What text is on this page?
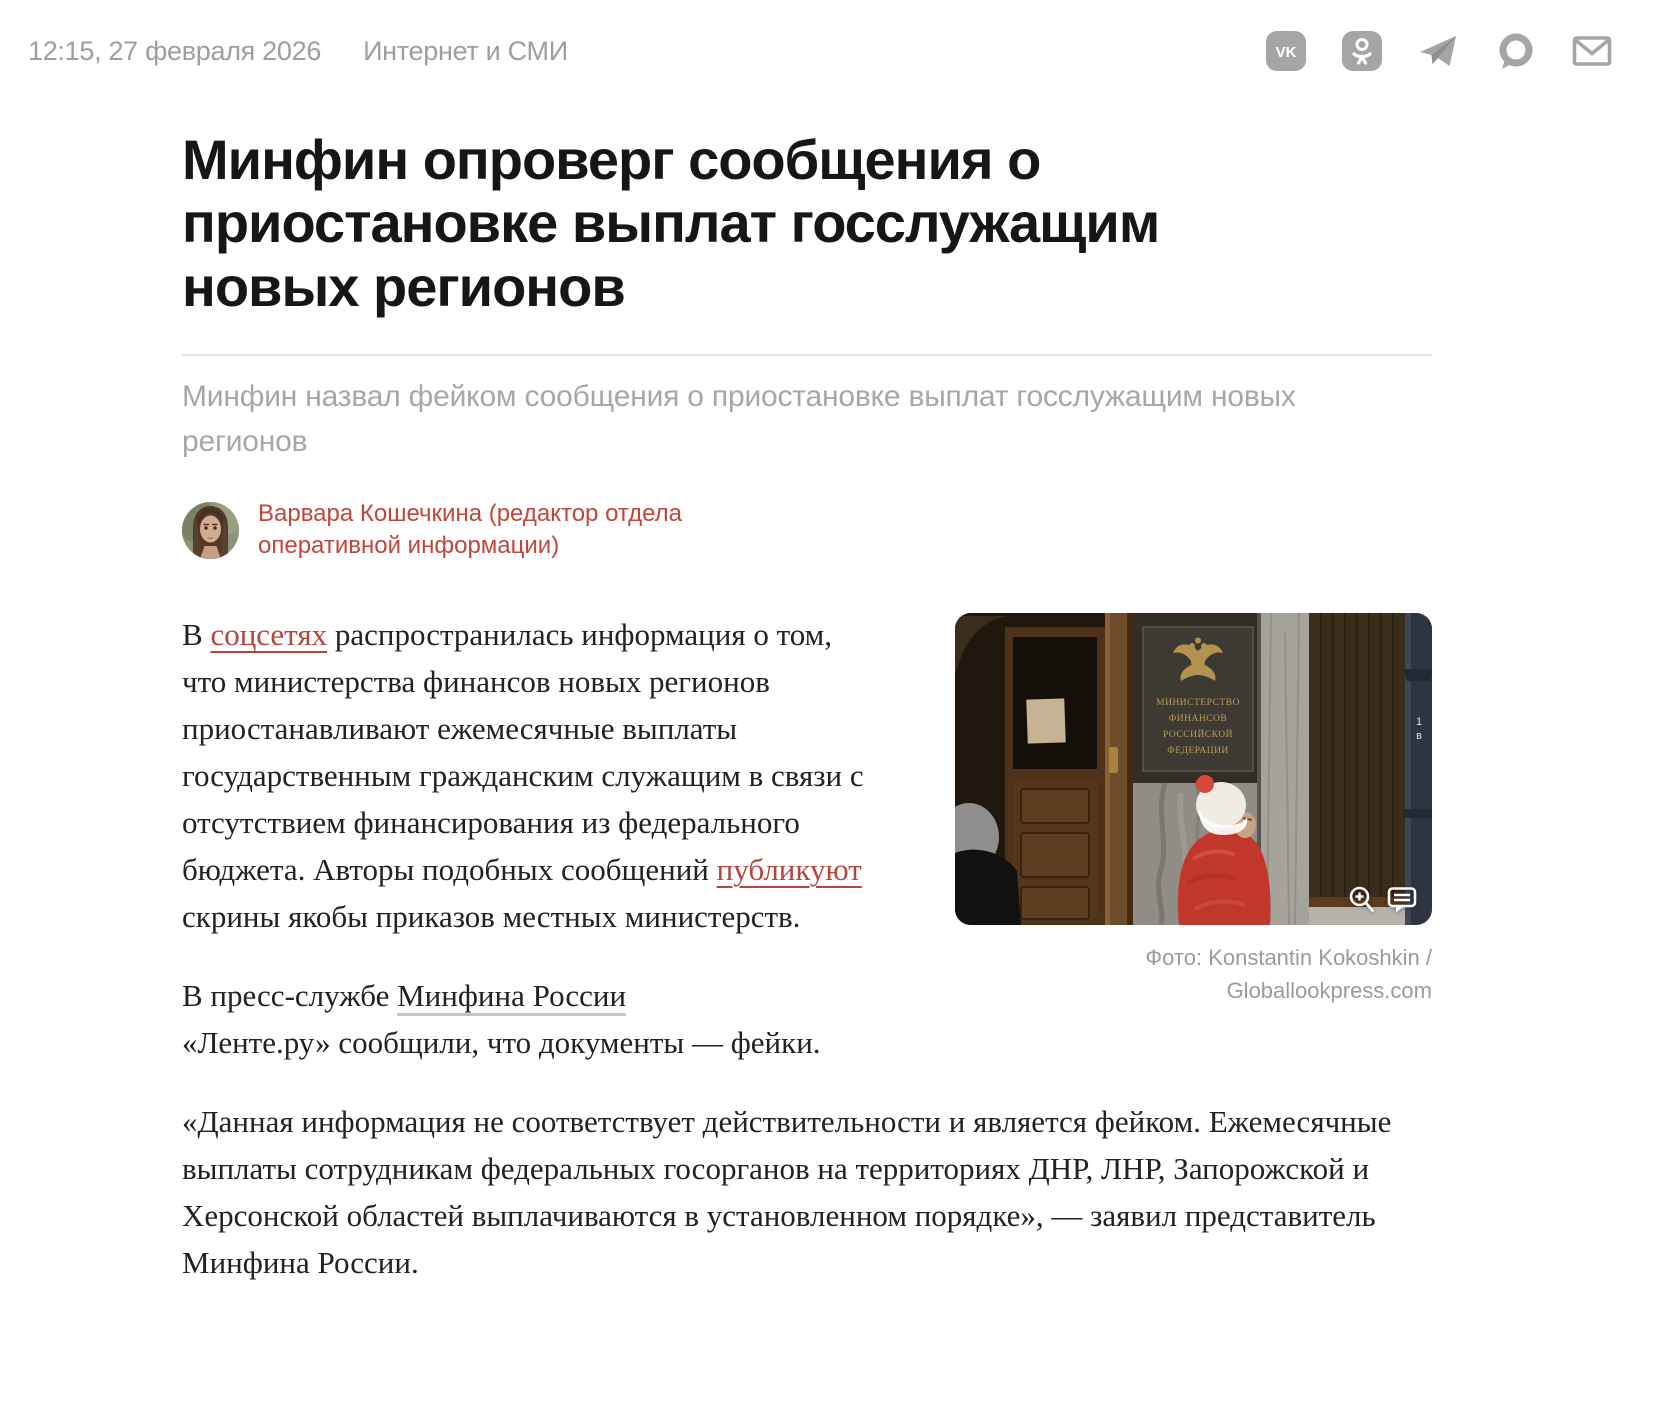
12:15, 27 февраля 2026 Интернет и СМИ	VK
Минфин опроверг сообщения о приостановке выплат госслужащим новых регионов
Минфин назвал фейком сообщения о приостановке выплат госслужащим новых регионов
Варвара Кошечкина (редактор отдела оперативной информации)
МИНИСТЕРСТВО
ФИНАНСОВ
РОССИЙСКОЙ
ФЕДЕРАЦИИ
1
в
Фото: Konstantin Kokoshkin / Globallookpress.com

В соцсетях распространилась информация о том, что министерства финансов новых регионов приостанавливают ежемесячные выплаты государственным гражданским служащим в связи с отсутствием финансирования из федерального бюджета. Авторы подобных сообщений публикуют скрины якобы приказов местных министерств.

В пресс-службе Минфина России
«Ленте.ру» сообщили, что документы — фейки.

«Данная информация не соответствует действительности и является фейком. Ежемесячные выплаты сотрудникам федеральных госорганов на территориях ДНР, ЛНР, Запорожской и Херсонской областей выплачиваются в установленном порядке», — заявил представитель Минфина России.
